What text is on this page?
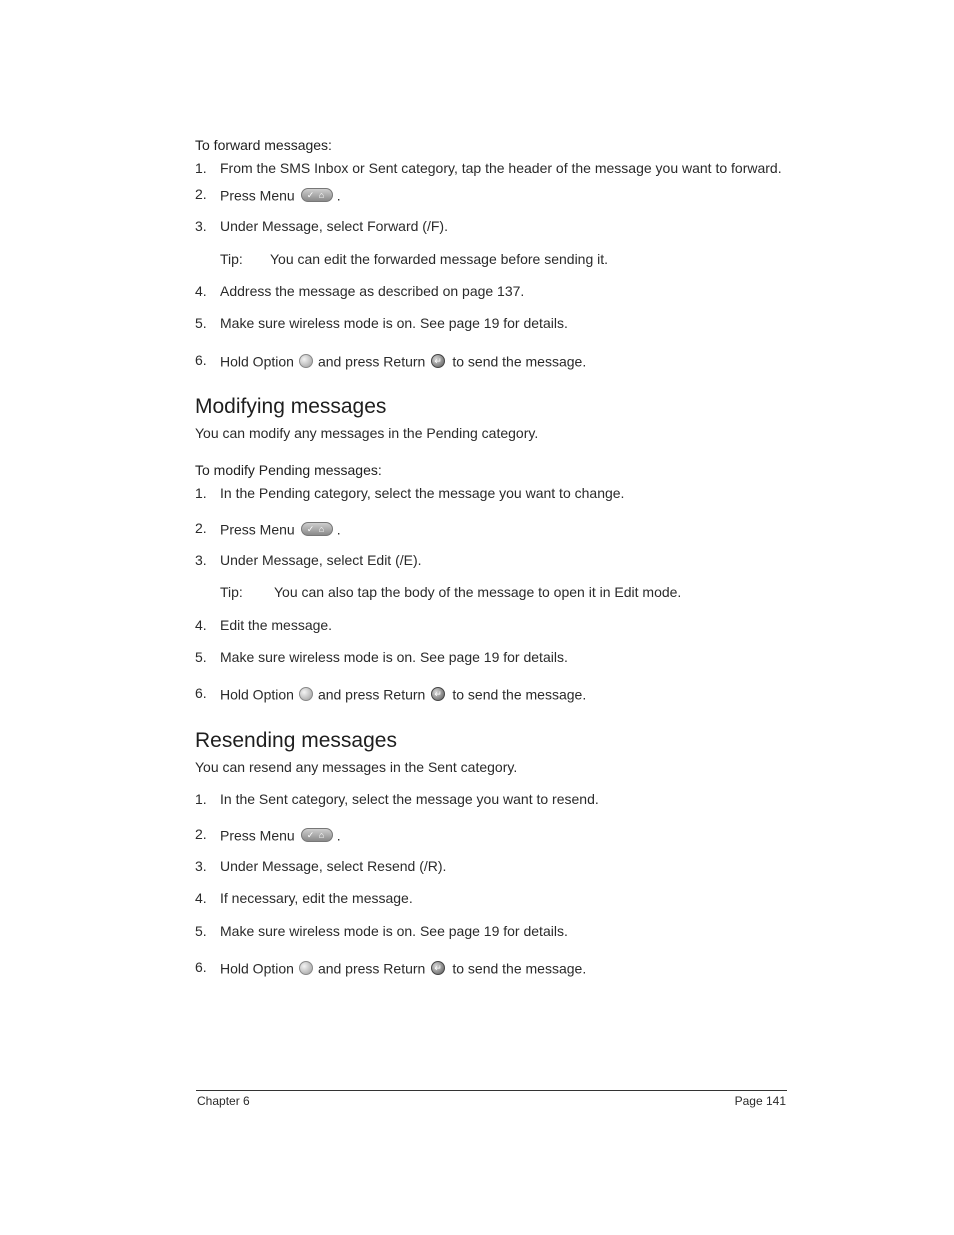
To forward messages:
1. From the SMS Inbox or Sent category, tap the header of the message you want to forward.
2. Press Menu ✓ ⌂	.
3. Under Message, select Forward (/F).
Tip: You can edit the forwarded message before sending it.
4. Address the message as described on page 137.
5. Make sure wireless mode is on. See page 19 for details.
6. Hold Option and press Return ↵ to send the message.
Modifying messages
You can modify any messages in the Pending category.
To modify Pending messages:
1. In the Pending category, select the message you want to change.
2. Press Menu ✓ ⌂	.
3. Under Message, select Edit (/E).
Tip: You can also tap the body of the message to open it in Edit mode.
4. Edit the message.
5. Make sure wireless mode is on. See page 19 for details.
6. Hold Option and press Return ↵ to send the message.
Resending messages
You can resend any messages in the Sent category.
1. In the Sent category, select the message you want to resend.
2. Press Menu ✓ ⌂	.
3. Under Message, select Resend (/R).
4. If necessary, edit the message.
5. Make sure wireless mode is on. See page 19 for details.
6. Hold Option and press Return ↵ to send the message.
Chapter 6	Page 141
